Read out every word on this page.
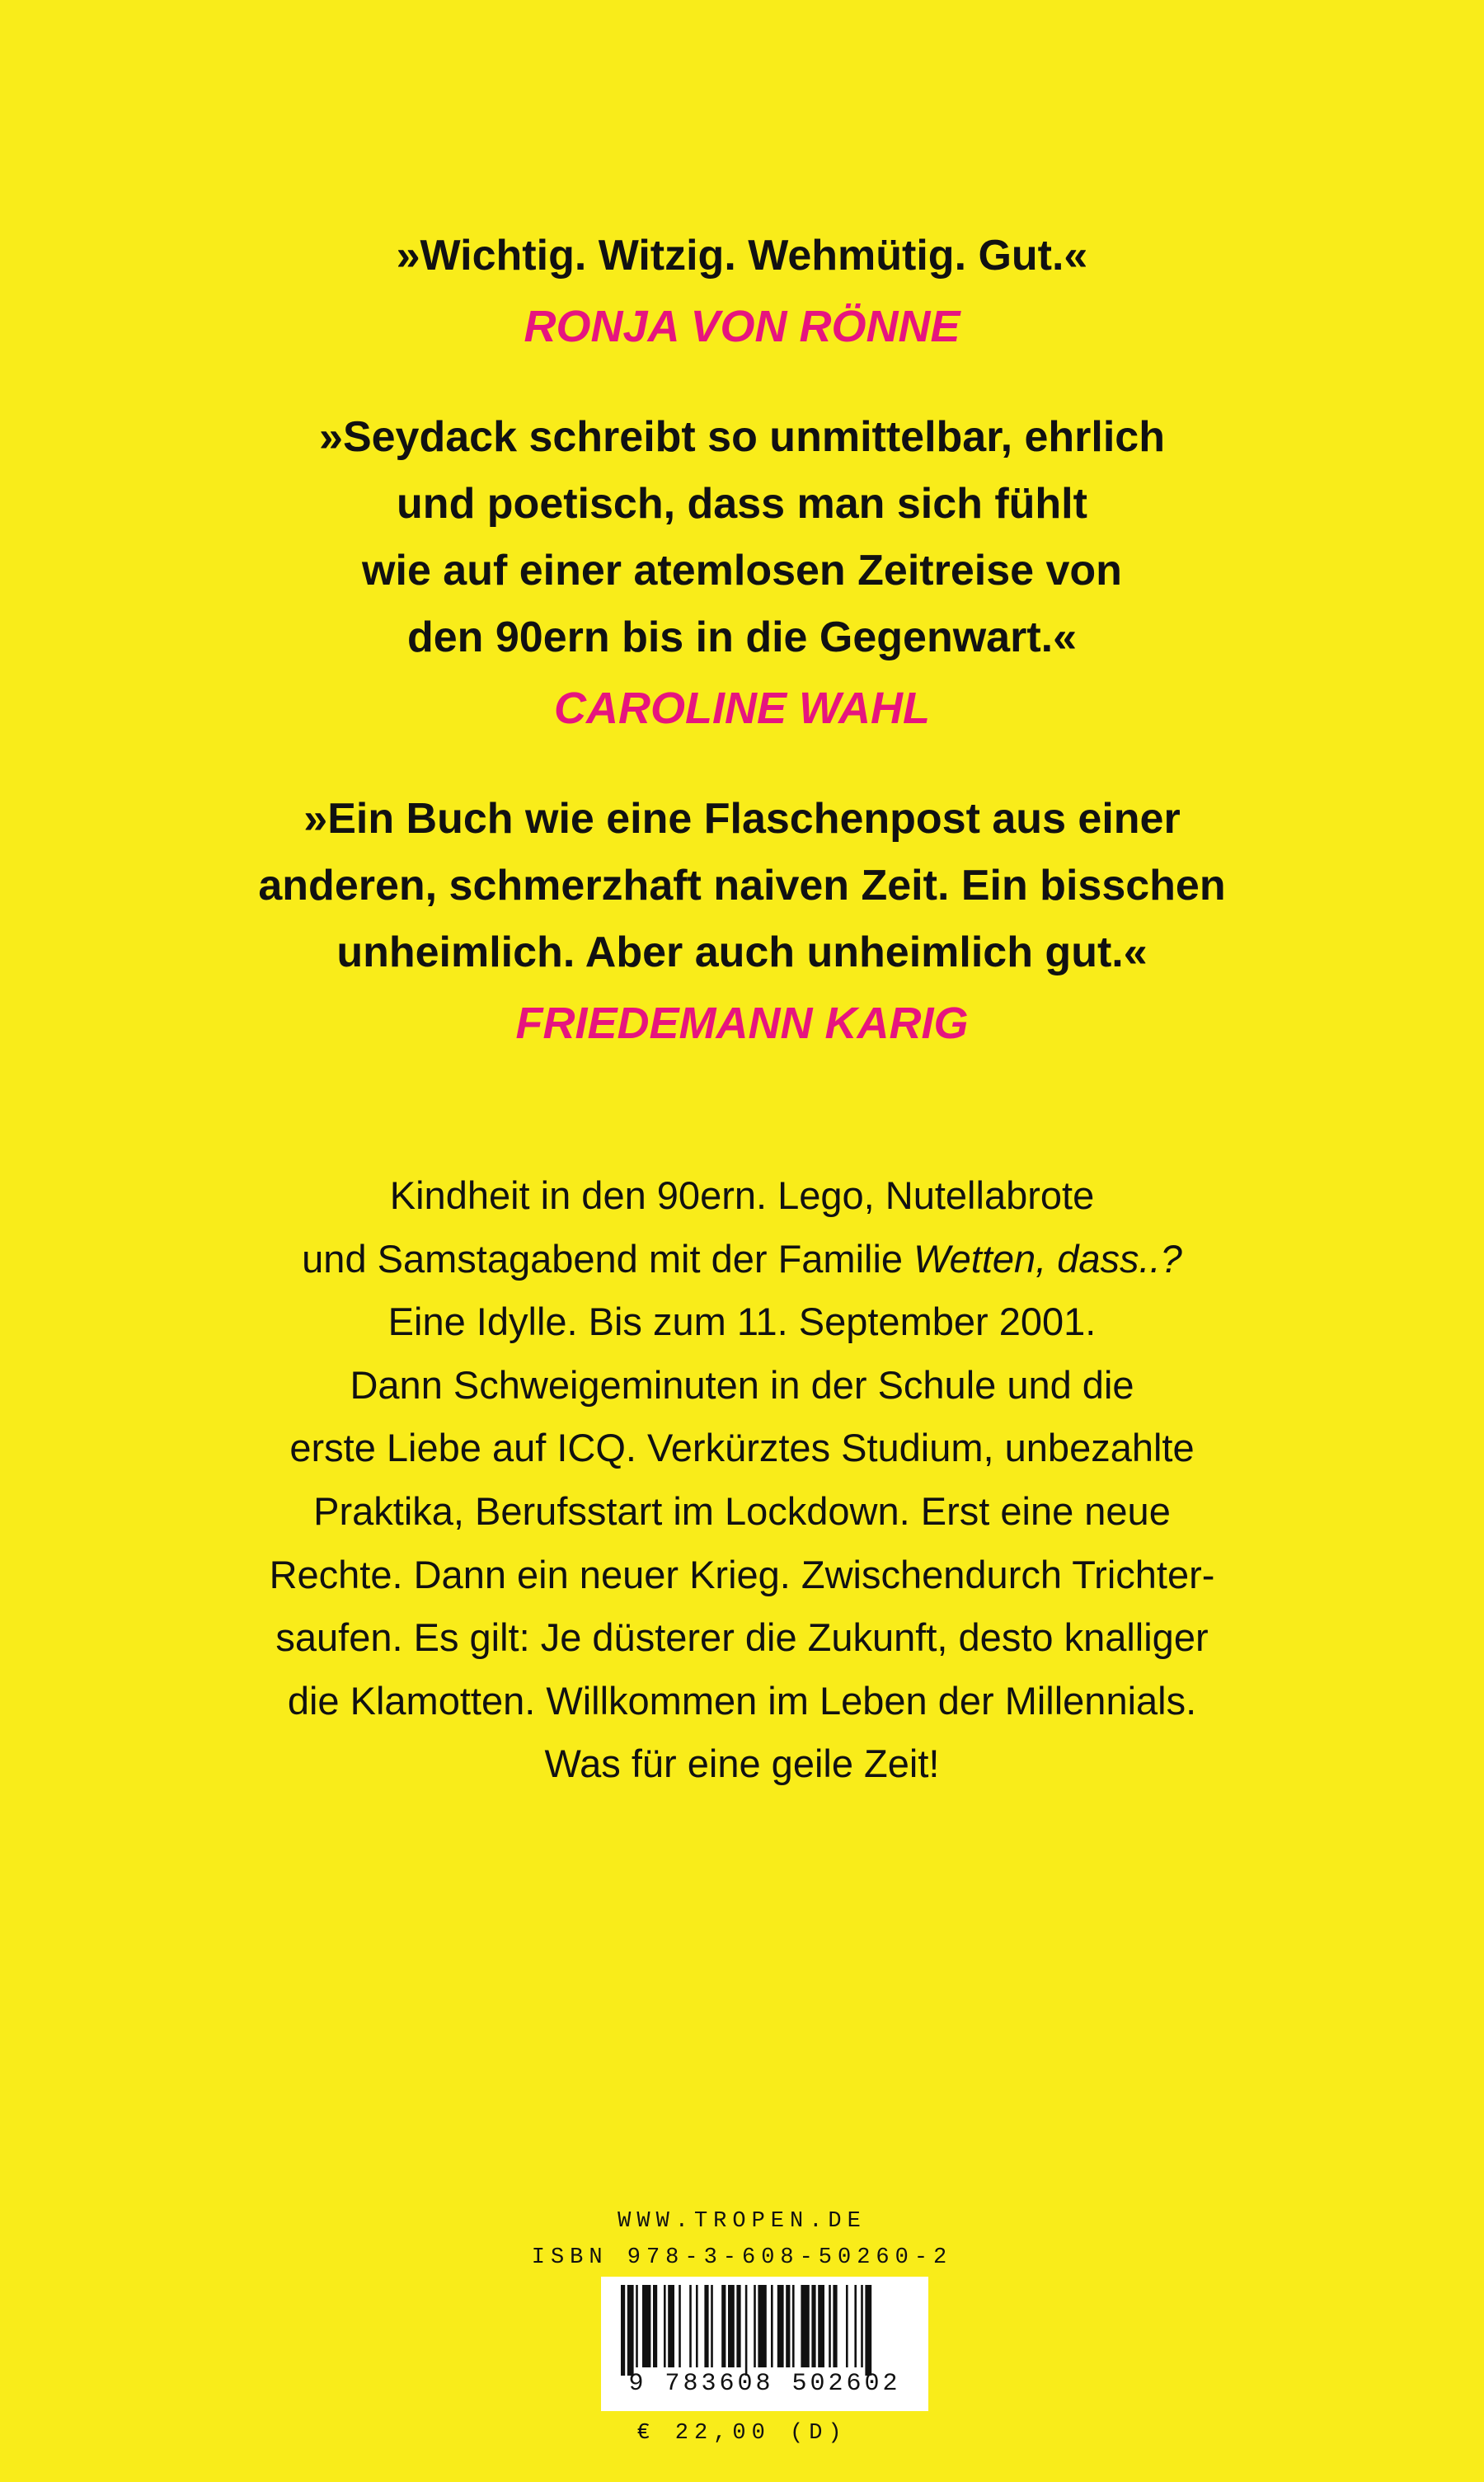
»Wichtig. Witzig. Wehmütig. Gut.«

RONJA VON RÖNNE

»Seydack schreibt so unmittelbar, ehrlich
und poetisch, dass man sich fühlt
wie auf einer atemlosen Zeitreise von
den 90ern bis in die Gegenwart.«

CAROLINE WAHL

»Ein Buch wie eine Flaschenpost aus einer
anderen, schmerzhaft naiven Zeit. Ein bisschen
unheimlich. Aber auch unheimlich gut.«

FRIEDEMANN KARIG

Kindheit in den 90ern. Lego, Nutellabrote
und Samstagabend mit der Familie Wetten, dass..?
Eine Idylle. Bis zum 11. September 2001.
Dann Schweigeminuten in der Schule und die
erste Liebe auf ICQ. Verkürztes Studium, unbezahlte
Praktika, Berufsstart im Lockdown. Erst eine neue
Rechte. Dann ein neuer Krieg. Zwischendurch Trichter-
saufen. Es gilt: Je düsterer die Zukunft, desto knalliger
die Klamotten. Willkommen im Leben der Millennials.
Was für eine geile Zeit!

WWW.TROPEN.DE
ISBN 978-3-608-50260-2
9 783608 502602
€ 22,00 (D)
